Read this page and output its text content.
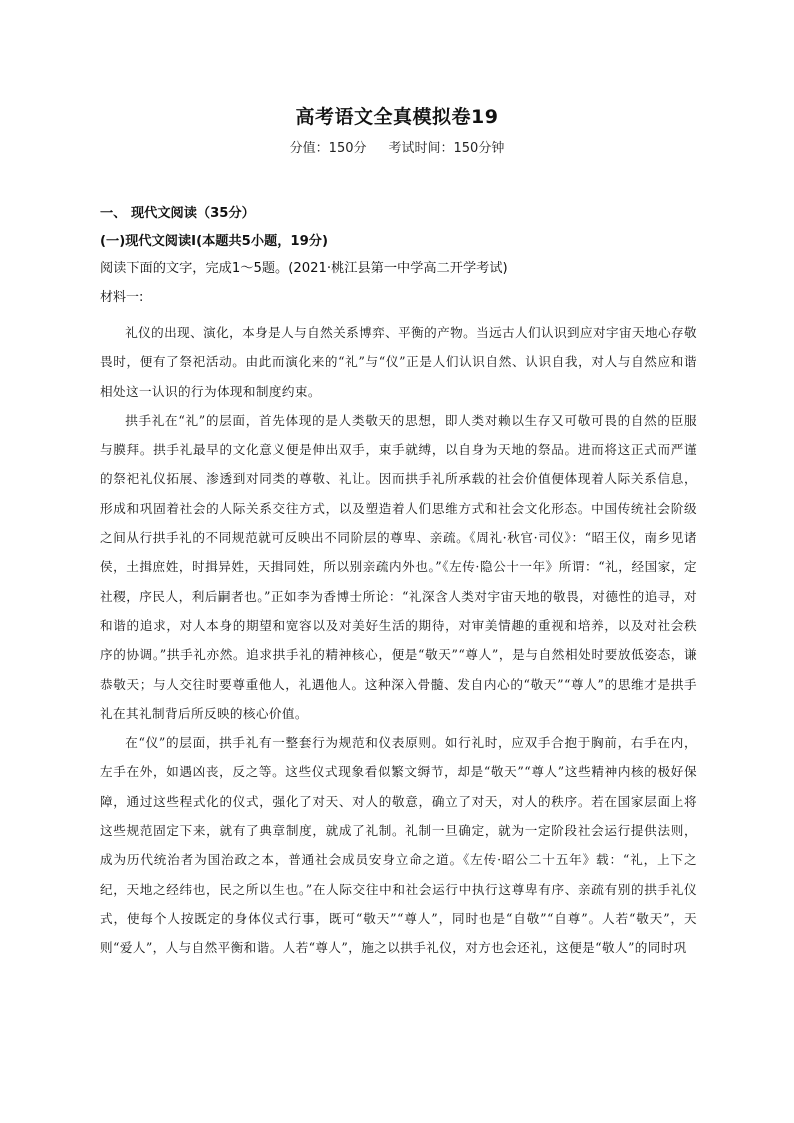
高考语文全真模拟卷19
分值：150分 考试时间：150分钟
一、 现代文阅读（35分）
(一)现代文阅读Ⅰ(本题共5小题，19分)
阅读下面的文字，完成1～5题。(2021·桃江县第一中学高二开学考试)
材料一:

礼仪的出现、演化，本身是人与自然关系博弈、平衡的产物。当远古人们认识到应对宇宙天地心存敬畏时，便有了祭祀活动。由此而演化来的“礼”与“仪”正是人们认识自然、认识自我，对人与自然应和谐相处这一认识的行为体现和制度约束。

拱手礼在“礼”的层面，首先体现的是人类敬天的思想，即人类对赖以生存又可敬可畏的自然的臣服与膜拜。拱手礼最早的文化意义便是伸出双手，束手就缚，以自身为天地的祭品。进而将这正式而严谨的祭祀礼仪拓展、渗透到对同类的尊敬、礼让。因而拱手礼所承载的社会价值便体现着人际关系信息，形成和巩固着社会的人际关系交往方式，以及塑造着人们思维方式和社会文化形态。中国传统社会阶级之间从行拱手礼的不同规范就可反映出不同阶层的尊卑、亲疏。《周礼·秋官·司仪》：“昭王仪，南乡见诸侯，土揖庶姓，时揖异姓，天揖同姓，所以别亲疏内外也。”《左传·隐公十一年》所谓：“礼，经国家，定社稷，序民人，利后嗣者也。”正如李为香博士所论：“礼深含人类对宇宙天地的敬畏，对德性的追寻，对和谐的追求，对人本身的期望和宽容以及对美好生活的期待，对审美情趣的重视和培养，以及对社会秩序的协调。”拱手礼亦然。追求拱手礼的精神核心，便是“敬天”“尊人”，是与自然相处时要放低姿态，谦恭敬天；与人交往时要尊重他人，礼遇他人。这种深入骨髓、发自内心的“敬天”“尊人”的思维才是拱手礼在其礼制背后所反映的核心价值。

在“仪”的层面，拱手礼有一整套行为规范和仪表原则。如行礼时，应双手合抱于胸前，右手在内，左手在外，如遇凶丧，反之等。这些仪式现象看似繁文缛节，却是“敬天”“尊人”这些精神内核的极好保障，通过这些程式化的仪式，强化了对天、对人的敬意，确立了对天，对人的秩序。若在国家层面上将这些规范固定下来，就有了典章制度，就成了礼制。礼制一旦确定，就为一定阶段社会运行提供法则，成为历代统治者为国治政之本，普通社会成员安身立命之道。《左传·昭公二十五年》载：“礼，上下之纪，天地之经纬也，民之所以生也。”在人际交往中和社会运行中执行这尊卑有序、亲疏有别的拱手礼仪式，使每个人按既定的身体仪式行事，既可“敬天”“尊人”，同时也是“自敬”“自尊”。人若“敬天”，天则“爱人”，人与自然平衡和谐。人若“尊人”，施之以拱手礼仪，对方也会还礼，这便是“敬人”的同时巩
